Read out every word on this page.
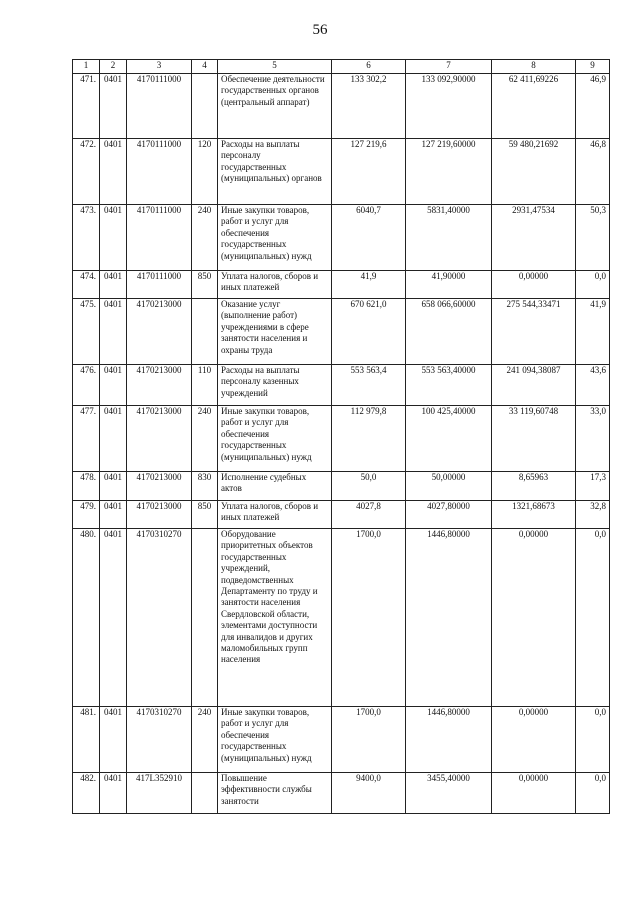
56
1	2	3	4	5	6	7	8	9
471.	0401	4170111000		Обеспечение деятельности государственных органов (центральный аппарат)	133 302,2	133 092,90000	62 411,69226	46,9
472.	0401	4170111000	120	Расходы на выплаты персоналу государственных (муниципальных) органов	127 219,6	127 219,60000	59 480,21692	46,8
473.	0401	4170111000	240	Иные закупки товаров, работ и услуг для обеспечения государственных (муниципальных) нужд	6040,7	5831,40000	2931,47534	50,3
474.	0401	4170111000	850	Уплата налогов, сборов и иных платежей	41,9	41,90000	0,00000	0,0
475.	0401	4170213000		Оказание услуг (выполнение работ) учреждениями в сфере занятости населения и охраны труда	670 621,0	658 066,60000	275 544,33471	41,9
476.	0401	4170213000	110	Расходы на выплаты персоналу казенных учреждений	553 563,4	553 563,40000	241 094,38087	43,6
477.	0401	4170213000	240	Иные закупки товаров, работ и услуг для обеспечения государственных (муниципальных) нужд	112 979,8	100 425,40000	33 119,60748	33,0
478.	0401	4170213000	830	Исполнение судебных актов	50,0	50,00000	8,65963	17,3
479.	0401	4170213000	850	Уплата налогов, сборов и иных платежей	4027,8	4027,80000	1321,68673	32,8
480.	0401	4170310270		Оборудование приоритетных объектов государственных учреждений, подведомственных Департаменту по труду и занятости населения Свердловской области, элементами доступности для инвалидов и других маломобильных групп населения	1700,0	1446,80000	0,00000	0,0
481.	0401	4170310270	240	Иные закупки товаров, работ и услуг для обеспечения государственных (муниципальных) нужд	1700,0	1446,80000	0,00000	0,0
482.	0401	417L352910		Повышение эффективности службы занятости	9400,0	3455,40000	0,00000	0,0
